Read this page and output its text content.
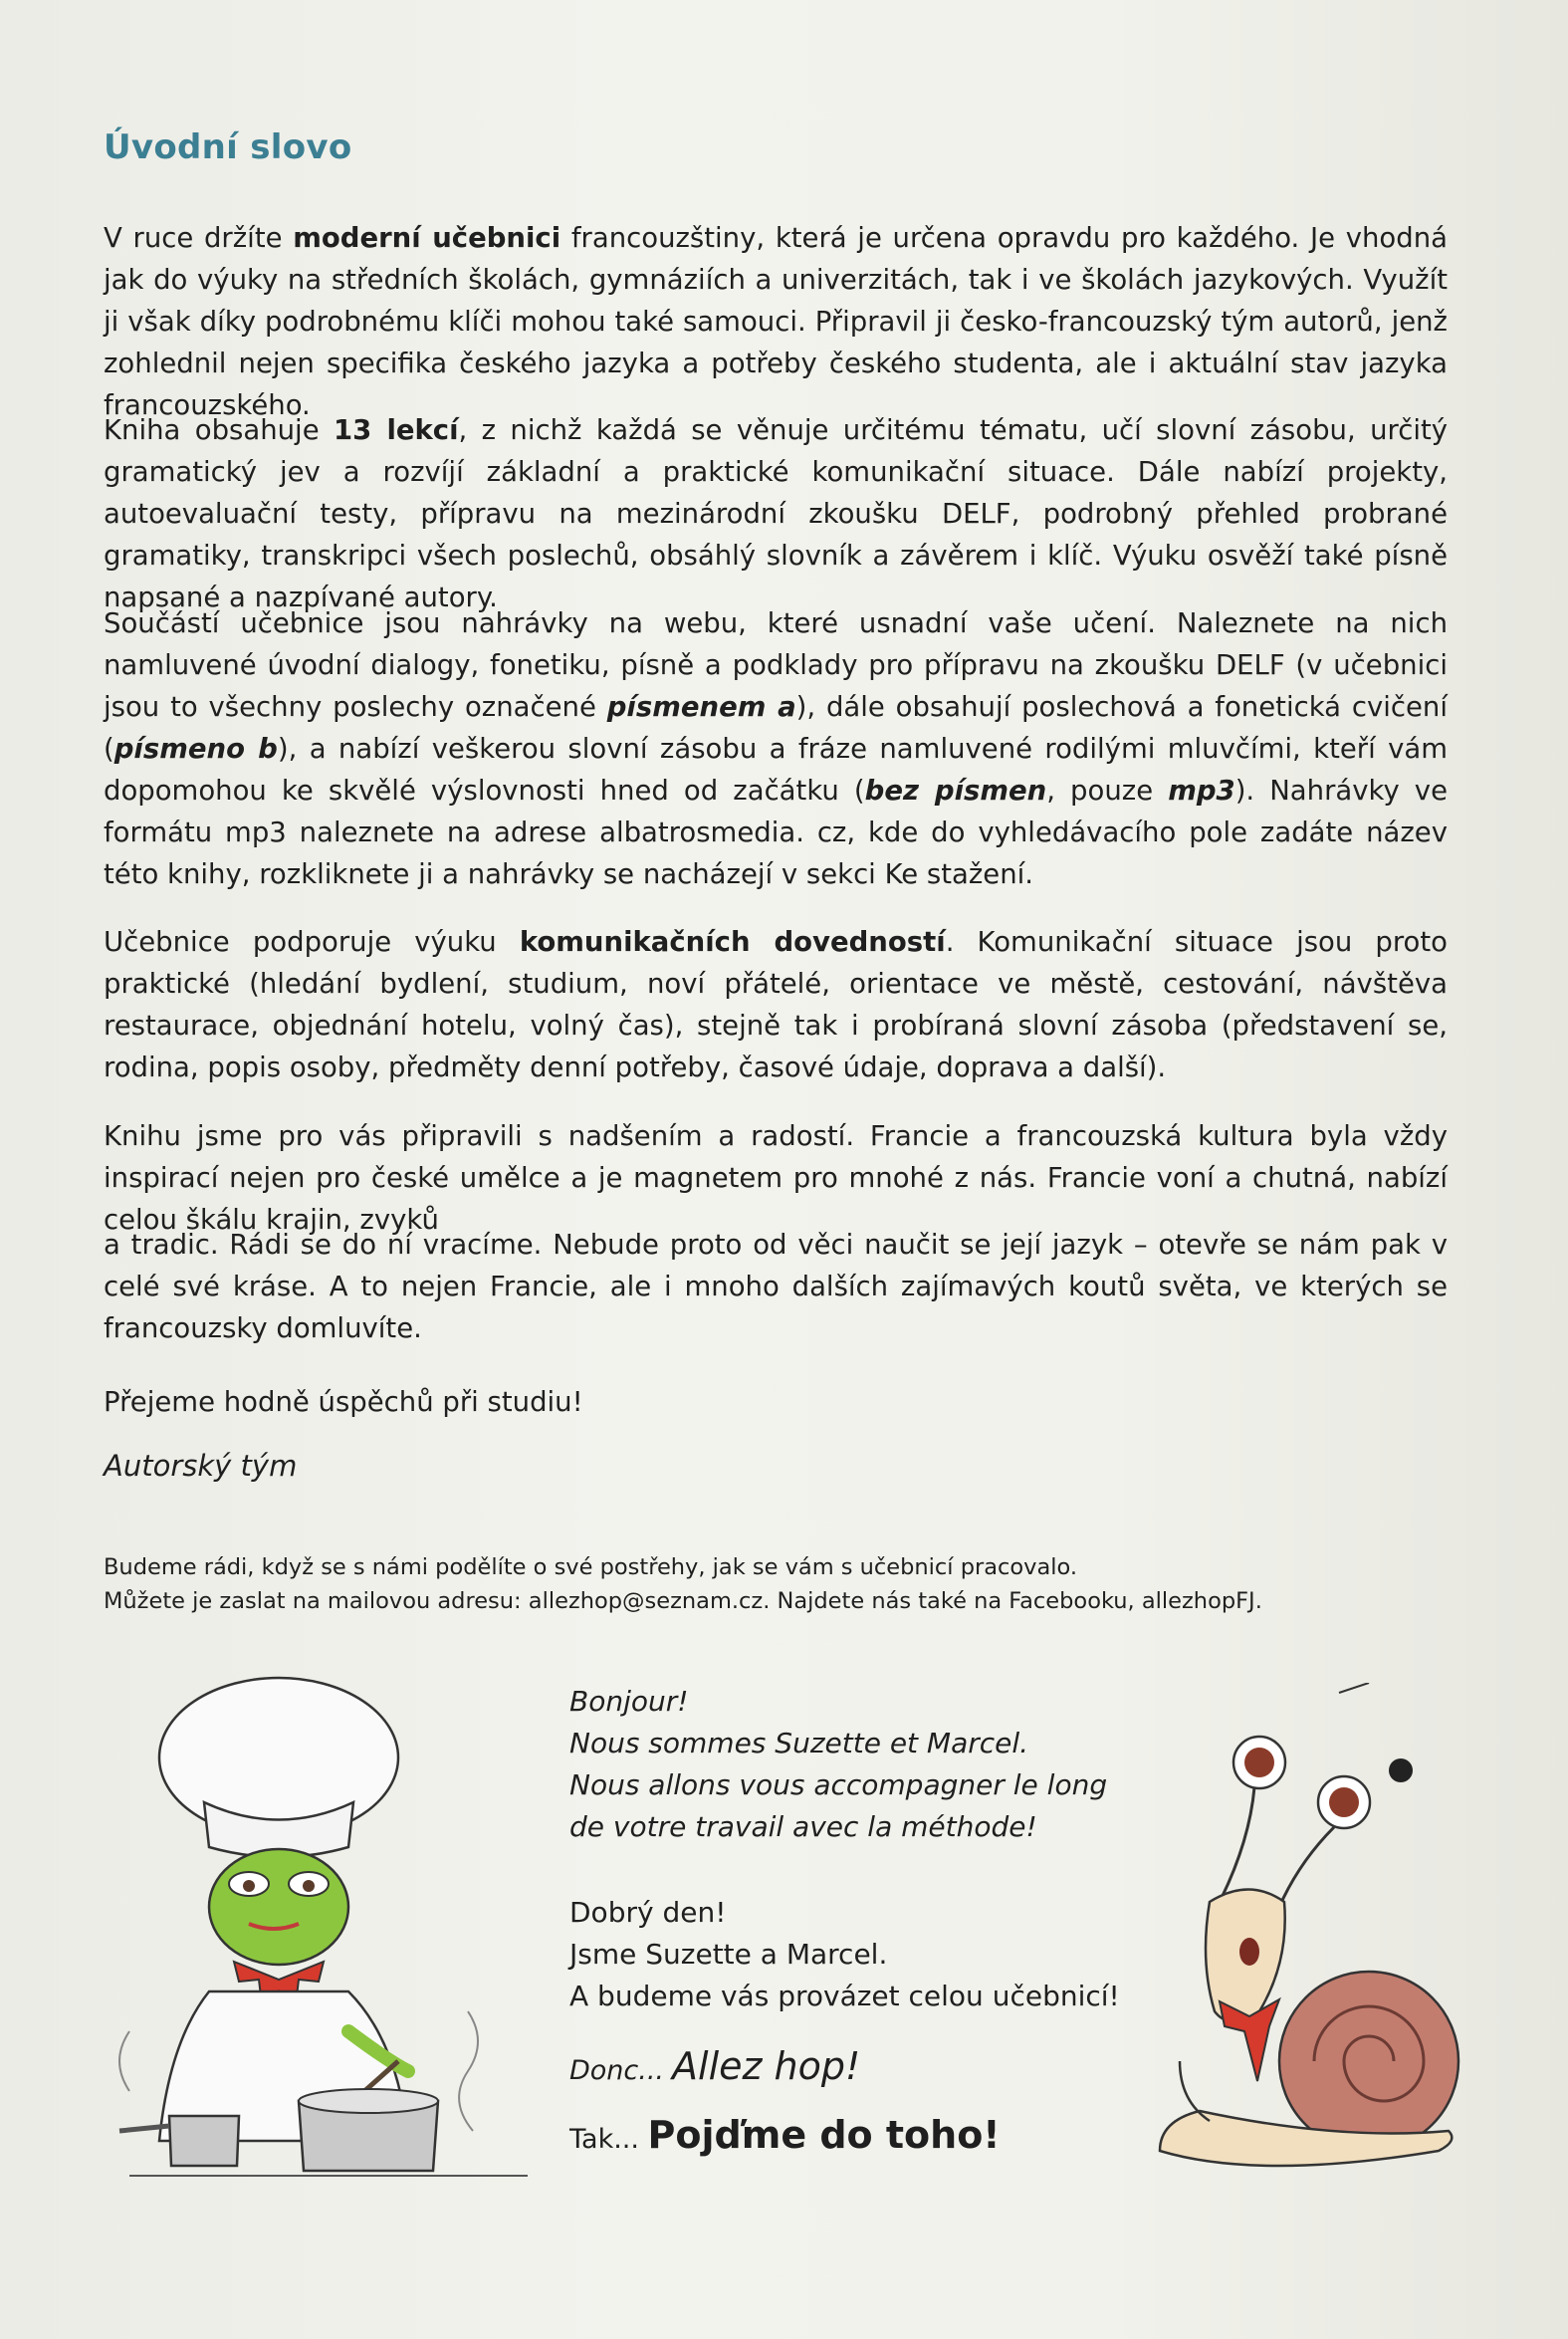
Úvodní slovo

V ruce držíte moderní učebnici francouzštiny, která je určena opravdu pro každého. Je vhodná jak do výuky na středních školách, gymnáziích a univerzitách, tak i ve školách jazykových. Využít ji však díky podrobnému klíči mohou také samouci. Připravil ji česko-francouzský tým autorů, jenž zohlednil nejen specifika českého jazyka a potřeby českého studenta, ale i aktuální stav jazyka francouzského.

Kniha obsahuje 13 lekcí, z nichž každá se věnuje určitému tématu, učí slovní zásobu, určitý gramatický jev a rozvíjí základní a praktické komunikační situace. Dále nabízí projekty, autoevaluační testy, přípravu na mezinárodní zkoušku DELF, podrobný přehled probrané gramatiky, transkripci všech poslechů, obsáhlý slovník a závěrem i klíč. Výuku osvěží také písně napsané a nazpívané autory.

Součástí učebnice jsou nahrávky na webu, které usnadní vaše učení. Naleznete na nich namluvené úvodní dialogy, fonetiku, písně a podklady pro přípravu na zkoušku DELF (v učebnici jsou to všechny poslechy označené písmenem a), dále obsahují poslechová a fonetická cvičení (písmeno b), a nabízí veškerou slovní zásobu a fráze namluvené rodilými mluvčími, kteří vám dopomohou ke skvělé výslovnosti hned od začátku (bez písmen, pouze mp3). Nahrávky ve formátu mp3 naleznete na adrese albatrosmedia. cz, kde do vyhledávacího pole zadáte název této knihy, rozkliknete ji a nahrávky se nacházejí v sekci Ke stažení.

Učebnice podporuje výuku komunikačních dovedností. Komunikační situace jsou proto praktické (hledání bydlení, studium, noví přátelé, orientace ve městě, cestování, návštěva restaurace, objednání hotelu, volný čas), stejně tak i probíraná slovní zásoba (představení se, rodina, popis osoby, předměty denní potřeby, časové údaje, doprava a další).

Knihu jsme pro vás připravili s nadšením a radostí. Francie a francouzská kultura byla vždy inspirací nejen pro české umělce a je magnetem pro mnohé z nás. Francie voní a chutná, nabízí celou škálu krajin, zvyků

a tradic. Rádi se do ní vracíme. Nebude proto od věci naučit se její jazyk – otevře se nám pak v celé své kráse. A to nejen Francie, ale i mnoho dalších zajímavých koutů světa, ve kterých se francouzsky domluvíte.

Přejeme hodně úspěchů při studiu!

Autorský tým

Budeme rádi, když se s námi podělíte o své postřehy, jak se vám s učebnicí pracovalo.
Můžete je zaslat na mailovou adresu: allezhop@seznam.cz. Najdete nás také na Facebooku, allezhopFJ.

Bonjour!
Nous sommes Suzette et Marcel.
Nous allons vous accompagner le long
de votre travail avec la méthode!
Dobrý den!
Jsme Suzette a Marcel.
A budeme vás provázet celou učebnicí!
Donc... Allez hop!
Tak... Pojďme do toho!
